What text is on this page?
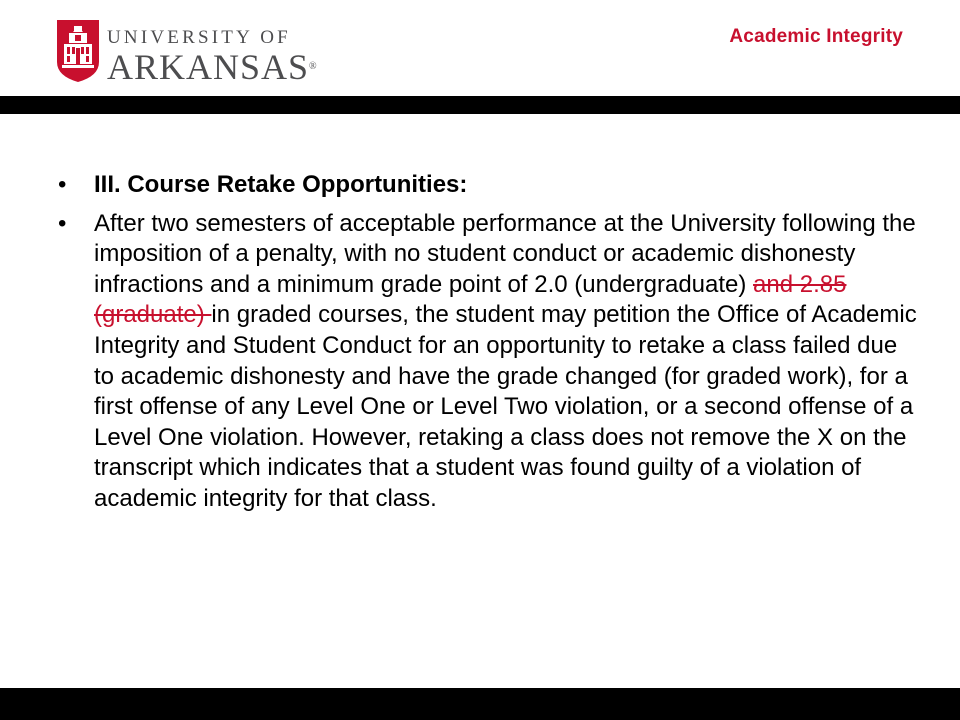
UNIVERSITY OF
ARKANSAS®
Academic Integrity
•	III. Course Retake Opportunities:
•	After two semesters of acceptable performance at the University following the imposition of a penalty, with no student conduct or academic dishonesty infractions and a minimum grade point of 2.0 (undergraduate) and 2.85 (graduate) in graded courses, the student may petition the Office of Academic Integrity and Student Conduct for an opportunity to retake a class failed due to academic dishonesty and have the grade changed (for graded work), for a first offense of any Level One or Level Two violation, or a second offense of a Level One violation. However, retaking a class does not remove the X on the transcript which indicates that a student was found guilty of a violation of academic integrity for that class.
